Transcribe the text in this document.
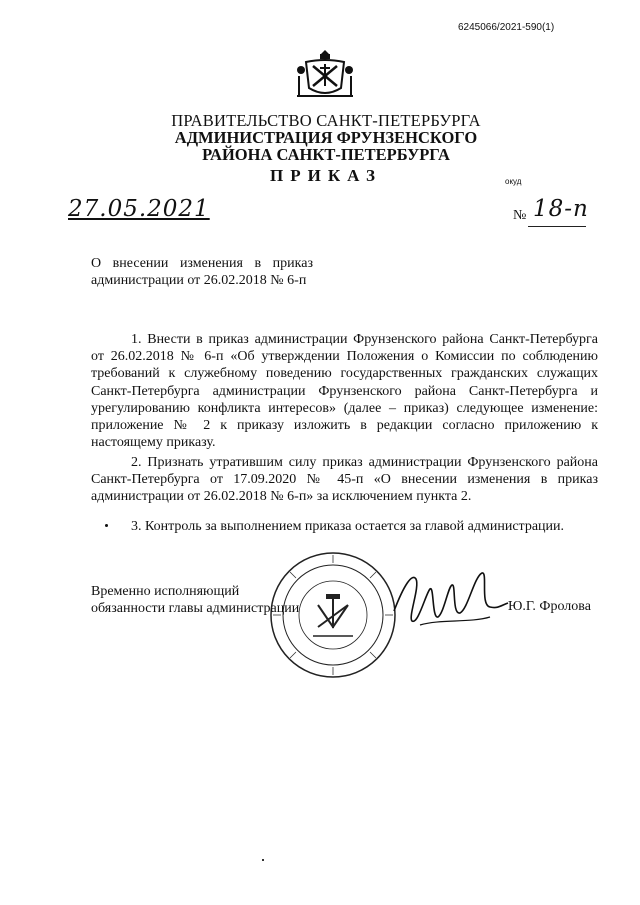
6245066/2021-590(1)
ПРАВИТЕЛЬСТВО САНКТ-ПЕТЕРБУРГА
АДМИНИСТРАЦИЯ ФРУНЗЕНСКОГО
РАЙОНА САНКТ-ПЕТЕРБУРГА
ПРИКАЗ	окуд
27.05.2021	№ 18-п
О внесении изменения в приказ администрации от 26.02.2018 № 6-п
1. Внести в приказ администрации Фрунзенского района Санкт-Петербурга от 26.02.2018 № 6-п «Об утверждении Положения о Комиссии по соблюдению требований к служебному поведению государственных гражданских служащих Санкт-Петербурга администрации Фрунзенского района Санкт-Петербурга и урегулированию конфликта интересов» (далее – приказ) следующее изменение: приложение № 2 к приказу изложить в редакции согласно приложению к настоящему приказу.
2. Признать утратившим силу приказ администрации Фрунзенского района Санкт-Петербурга от 17.09.2020 № 45-п «О внесении изменения в приказ администрации от 26.02.2018 № 6-п» за исключением пункта 2.
3. Контроль за выполнением приказа остается за главой администрации.
Временно исполняющий
обязанности главы администрации	Ю.Г. Фролова
